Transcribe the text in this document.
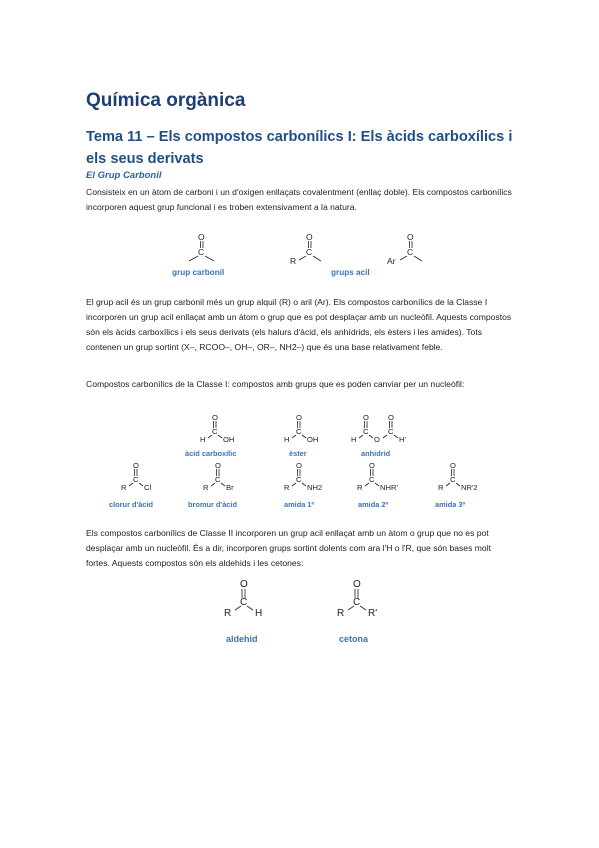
Química orgànica
Tema 11 – Els compostos carbonílics I: Els àcids carboxílics i els seus derivats
El Grup Carbonil

Consisteix en un àtom de carboni i un d'oxigen enllaçats covalentment (enllaç doble). Els compostos carbonílics incorporen aquest grup funcional i es troben extensivament a la natura.

El grup acil és un grup carbonil més un grup alquil (R) o aril (Ar). Els compostos carbonílics de la Classe I incorporen un grup acil enllaçat amb un àtom o grup que es pot desplaçar amb un nucleòfil. Aquests compostos són els àcids carboxílics i els seus derivats (els halurs d'àcid, els anhídrids, els èsters i les amides). Tots contenen un grup sortint (X–, RCOO–, OH–, OR–, NH2–) que és una base relativament feble.

Compostos carbonílics de la Classe I: compostos amb grups que es poden canviar per un nucleòfil:

Els compostos carbonílics de Classe II incorporen un grup acil enllaçat amb un àtom o grup que no es pot desplaçar amb un nucleòfil. És a dir, incorporen grups sortint dolents com ara l'H o l'R, que són bases molt fortes. Aquests compostos són els aldehids i les cetones:

O
C
O
C
R
O
C
Ar
O
C
H OH
O
C
H OH
O
C
H O
O
C
H'
O
C
R Cl
O
C
R Br
O
C
R NH2
O
C
R NHR'
O
C
R NR'2
O
C
R H
O
C
R R'
grup carbonil	grups acil
àcid carboxílic	èster	anhidrid
clorur d'àcid	bromur d'àcid	amida 1º	amida 2º	amida 3º
aldehid	cetona
